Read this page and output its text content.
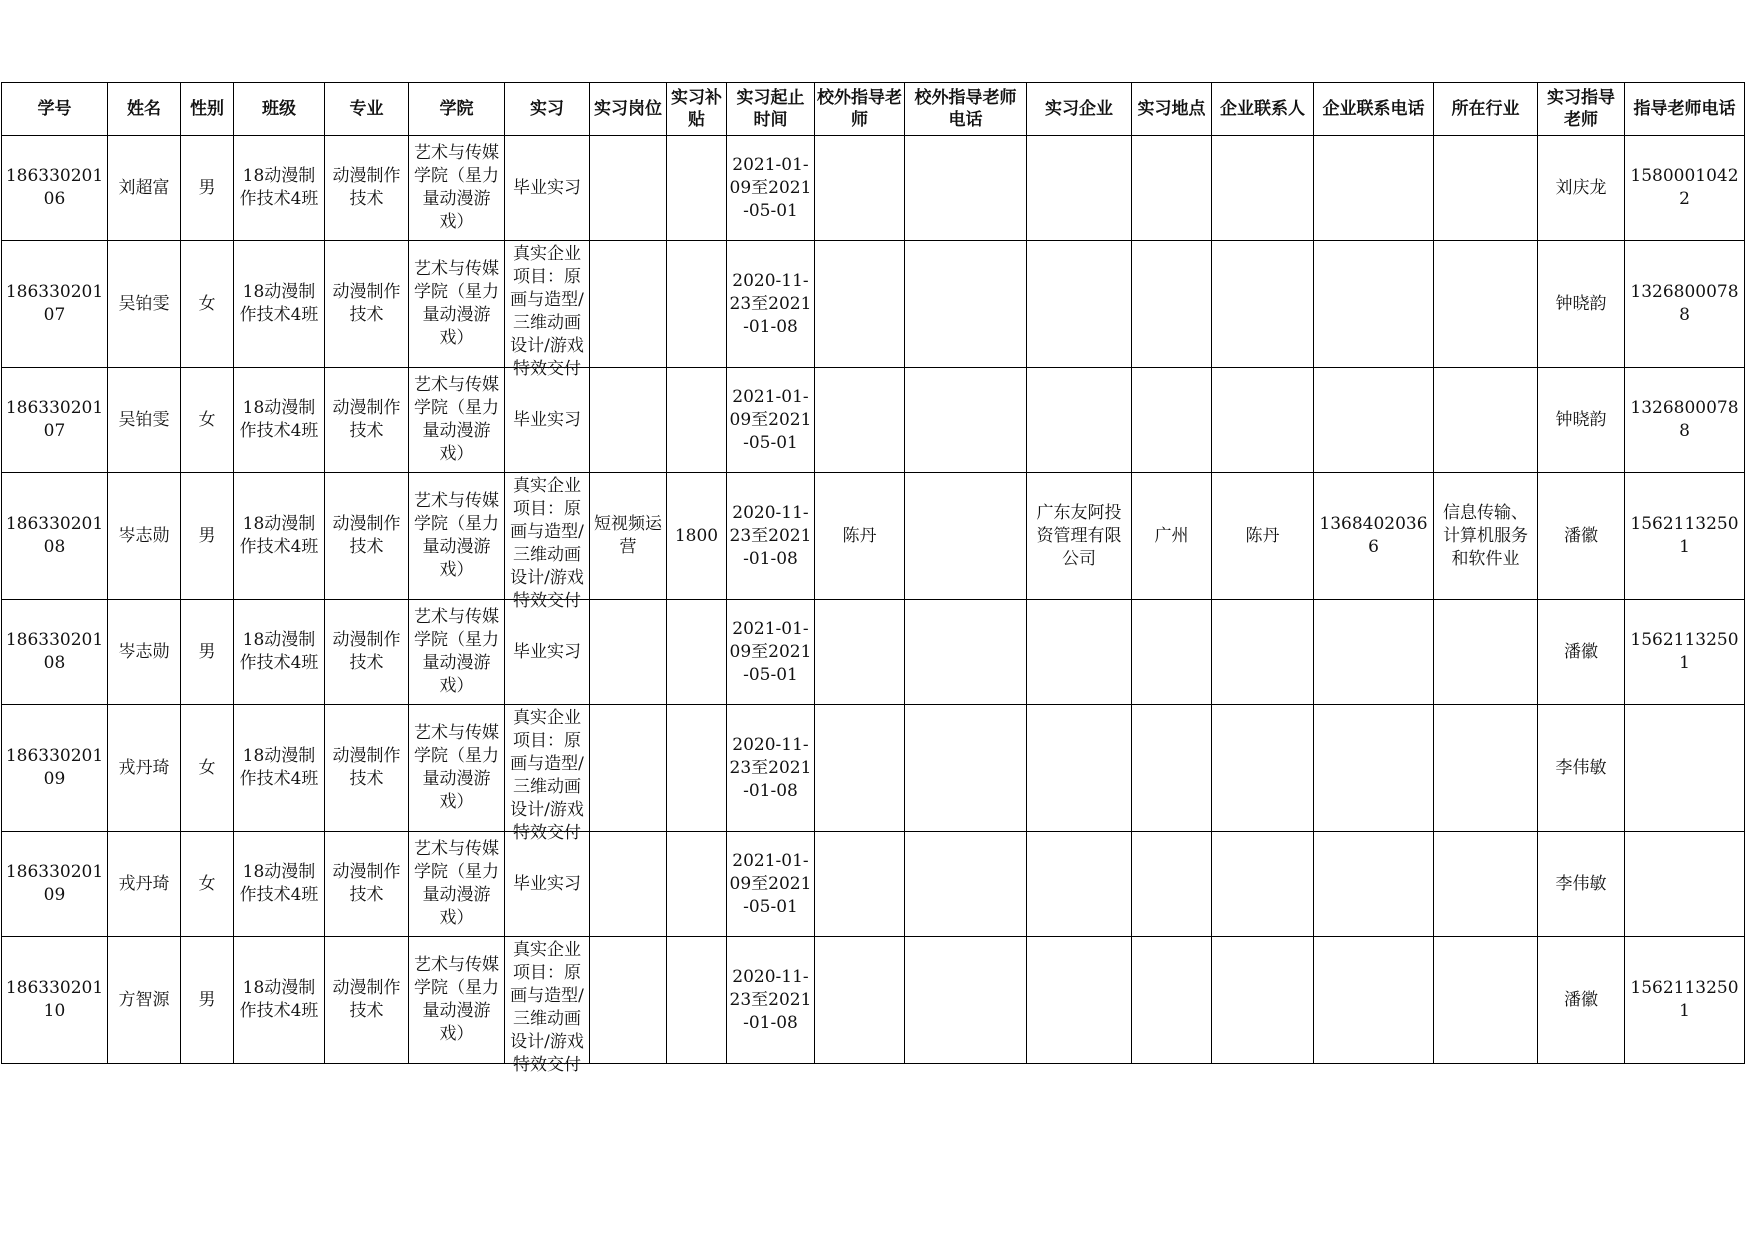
学号	姓名	性别	班级	专业	学院	实习	实习岗位	实习补贴	实习起止时间	校外指导老师	校外指导老师电话	实习企业	实习地点	企业联系人	企业联系电话	所在行业	实习指导老师	指导老师电话

18633020106	刘超富	男	18动漫制作技术4班	动漫制作技术	艺术与传媒学院（星力量动漫游戏）	毕业实习			2021-01-09至2021-05-01								刘庆龙	15800010422

18633020107	吴铂雯	女	18动漫制作技术4班	动漫制作技术	艺术与传媒学院（星力量动漫游戏）	真实企业项目：原画与造型/三维动画设计/游戏特效交付			2020-11-23至2021-01-08								钟晓韵	13268000788

18633020107	吴铂雯	女	18动漫制作技术4班	动漫制作技术	艺术与传媒学院（星力量动漫游戏）	毕业实习			2021-01-09至2021-05-01								钟晓韵	13268000788

18633020108	岑志勋	男	18动漫制作技术4班	动漫制作技术	艺术与传媒学院（星力量动漫游戏）	真实企业项目：原画与造型/三维动画设计/游戏特效交付	短视频运营	1800	2020-11-23至2021-01-08	陈丹		广东友阿投资管理有限公司	广州	陈丹	13684020366	信息传输、计算机服务和软件业	潘徽	15621132501

18633020108	岑志勋	男	18动漫制作技术4班	动漫制作技术	艺术与传媒学院（星力量动漫游戏）	毕业实习			2021-01-09至2021-05-01								潘徽	15621132501

18633020109	戎丹琦	女	18动漫制作技术4班	动漫制作技术	艺术与传媒学院（星力量动漫游戏）	真实企业项目：原画与造型/三维动画设计/游戏特效交付			2020-11-23至2021-01-08								李伟敏	

18633020109	戎丹琦	女	18动漫制作技术4班	动漫制作技术	艺术与传媒学院（星力量动漫游戏）	毕业实习			2021-01-09至2021-05-01								李伟敏	

18633020110	方智源	男	18动漫制作技术4班	动漫制作技术	艺术与传媒学院（星力量动漫游戏）	真实企业项目：原画与造型/三维动画设计/游戏特效交付			2020-11-23至2021-01-08								潘徽	15621132501
